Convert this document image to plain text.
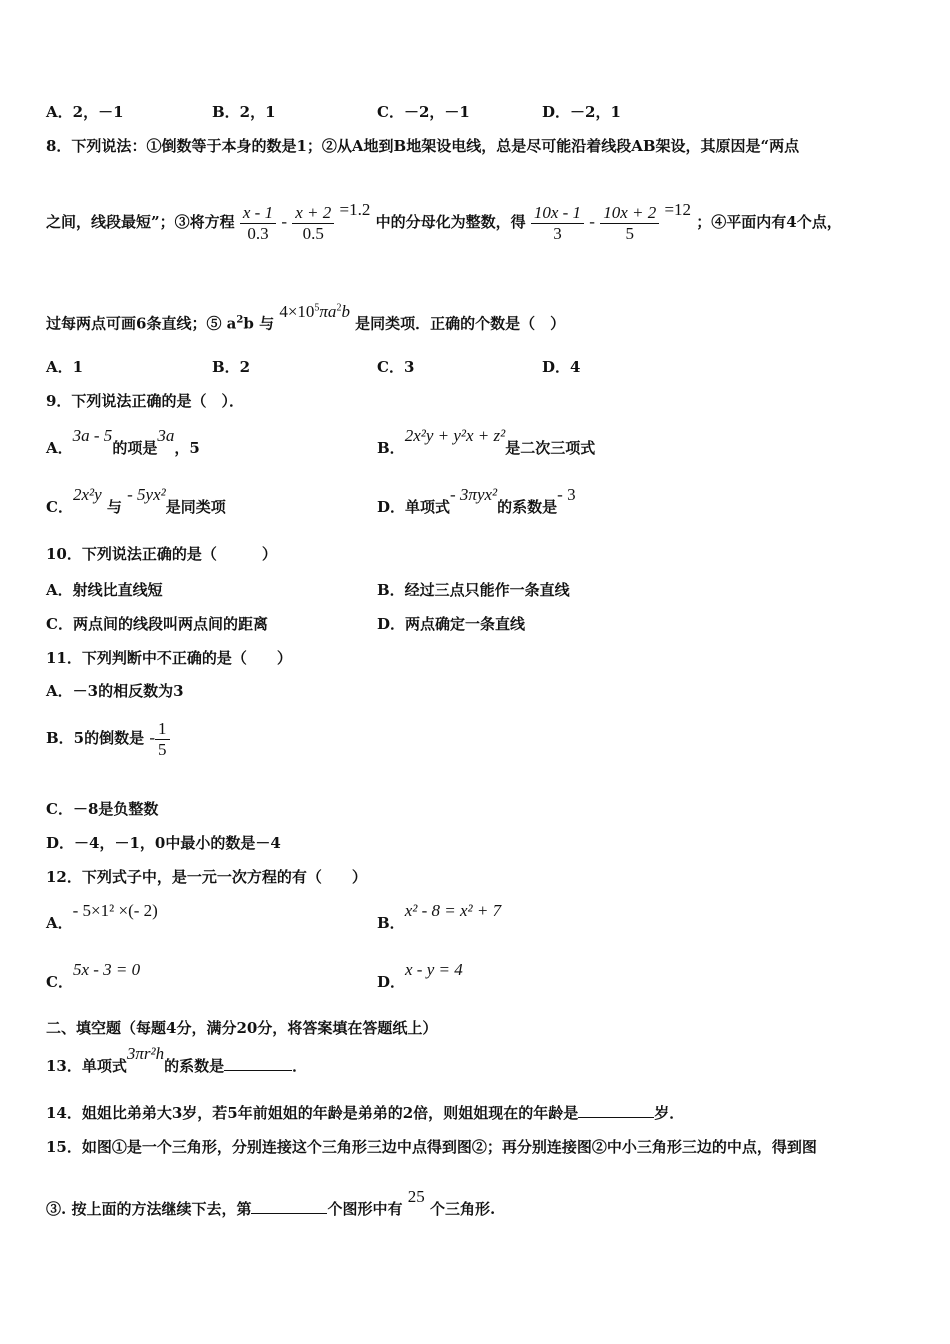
A．2，－1	B．2，1	C．－2，－1	D．－2，1
8．下列说法：①倒数等于本身的数是1；②从A地到B地架设电线，总是尽可能沿着线段AB架设，其原因是“两点
之间，线段最短”；③将方程 $\frac{x - 1}{0.3} - \frac{x + 2}{0.5} =1.2$ 中的分母化为整数，得 $\frac{10x - 1}{3} - \frac{10x + 2}{5} =12$ ；④平面内有4个点，
过每两点可画6条直线；⑤ $a^2b$ 与 $4\times 10^5\pi a^2b$ 是同类项．正确的个数是（　）
A．1	B．2	C．3	D．4
9．下列说法正确的是（　）．
A．3a - 5的项是3a，5	B．2x²y + y²x + z²是二次三项式
C．2x²y 与 - 5yx²是同类项	D．单项式- 3πyx²的系数是- 3
10．下列说法正确的是（　　　）
A．射线比直线短	B．经过三点只能作一条直线
C．两点间的线段叫两点间的距离	D．两点确定一条直线
11．下列判断中不正确的是（　　）
A．－3的相反数为3
B．5的倒数是 - $\frac{1}{5}$
C．－8是负整数
D．－4，－1，0中最小的数是－4
12．下列式子中，是一元一次方程的有（　　）
A．- 5×1² ×(- 2)
B．x² - 8 = x² + 7
C．5x - 3 = 0
D．x - y = 4
二、填空题（每题4分，满分20分，将答案填在答题纸上）
13．单项式3πr²h的系数是	．
14．姐姐比弟弟大3岁，若5年前姐姐的年龄是弟弟的2倍，则姐姐现在的年龄是	岁．
15．如图①是一个三角形，分别连接这个三角形三边中点得到图②；再分别连接图②中小三角形三边的中点，得到图
③. 按上面的方法继续下去，第	个图形中有 25 个三角形.
